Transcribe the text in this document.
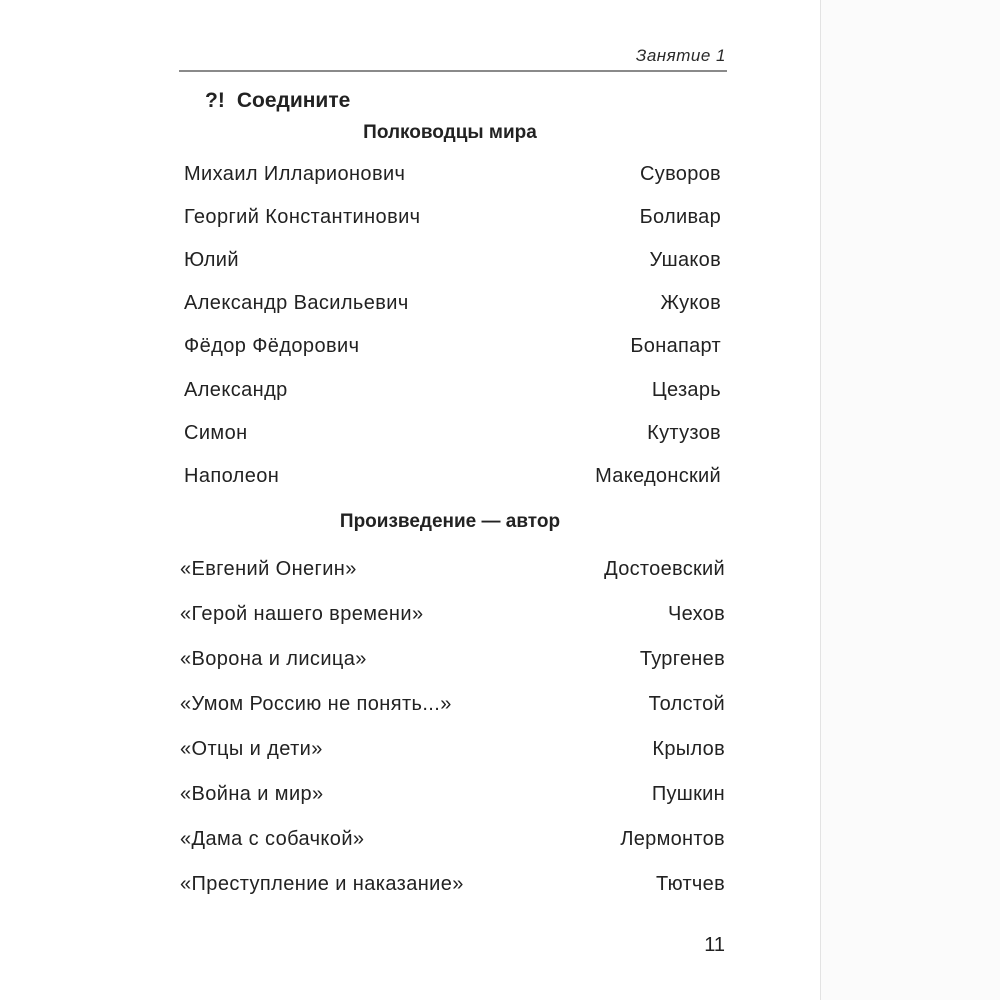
Занятие 1
?! Соедините
Полководцы мира
Михаил Илларионович	Суворов
Георгий Константинович	Боливар
Юлий	Ушаков
Александр Васильевич	Жуков
Фёдор Фёдорович	Бонапарт
Александр	Цезарь
Симон	Кутузов
Наполеон	Македонский
Произведение — автор
«Евгений Онегин»	Достоевский
«Герой нашего времени»	Чехов
«Ворона и лисица»	Тургенев
«Умом Россию не понять...»	Толстой
«Отцы и дети»	Крылов
«Война и мир»	Пушкин
«Дама с собачкой»	Лермонтов
«Преступление и наказание»	Тютчев
11
